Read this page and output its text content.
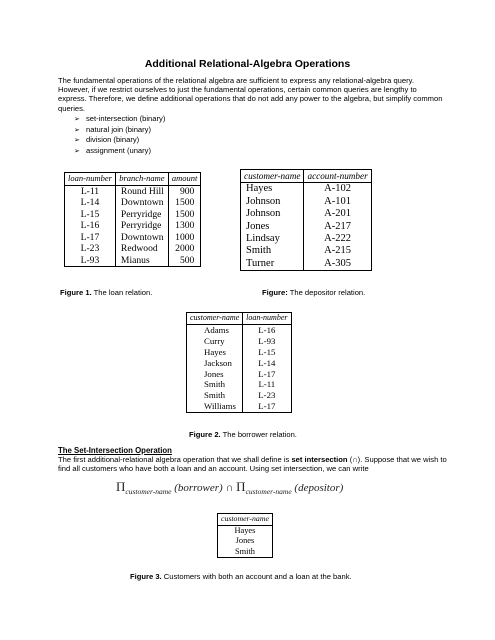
Additional Relational-Algebra Operations
The fundamental operations of the relational algebra are sufficient to express any relational-algebra query. However, if we restrict ourselves to just the fundamental operations, certain common queries are lengthy to express. Therefore, we define additional operations that do not add any power to the algebra, but simplify common queries.
➢ set-intersection (binary)
➢ natural join (binary)
➢ division (binary)
➢ assignment (unary)
loan-number	branch-name	amount
L-11	Round Hill	900
L-14	Downtown	1500
L-15	Perryridge	1500
L-16	Perryridge	1300
L-17	Downtown	1000
L-23	Redwood	2000
L-93	Mianus	500
customer-name	account-number
Hayes	A-102
Johnson	A-101
Johnson	A-201
Jones	A-217
Lindsay	A-222
Smith	A-215
Turner	A-305
Figure 1. The loan relation.	Figure: The depositor relation.
customer-name	loan-number
Adams	L-16
Curry	L-93
Hayes	L-15
Jackson	L-14
Jones	L-17
Smith	L-11
Smith	L-23
Williams	L-17
Figure 2. The borrower relation.
The Set-Intersection Operation
The first additional-relational algebra operation that we shall define is set intersection (∩). Suppose that we wish to find all customers who have both a loan and an account. Using set intersection, we can write
$\Pi_{customer-name}$ (borrower) ∩ $\Pi_{customer-name}$ (depositor)
customer-name
Hayes
Jones
Smith
Figure 3. Customers with both an account and a loan at the bank.
